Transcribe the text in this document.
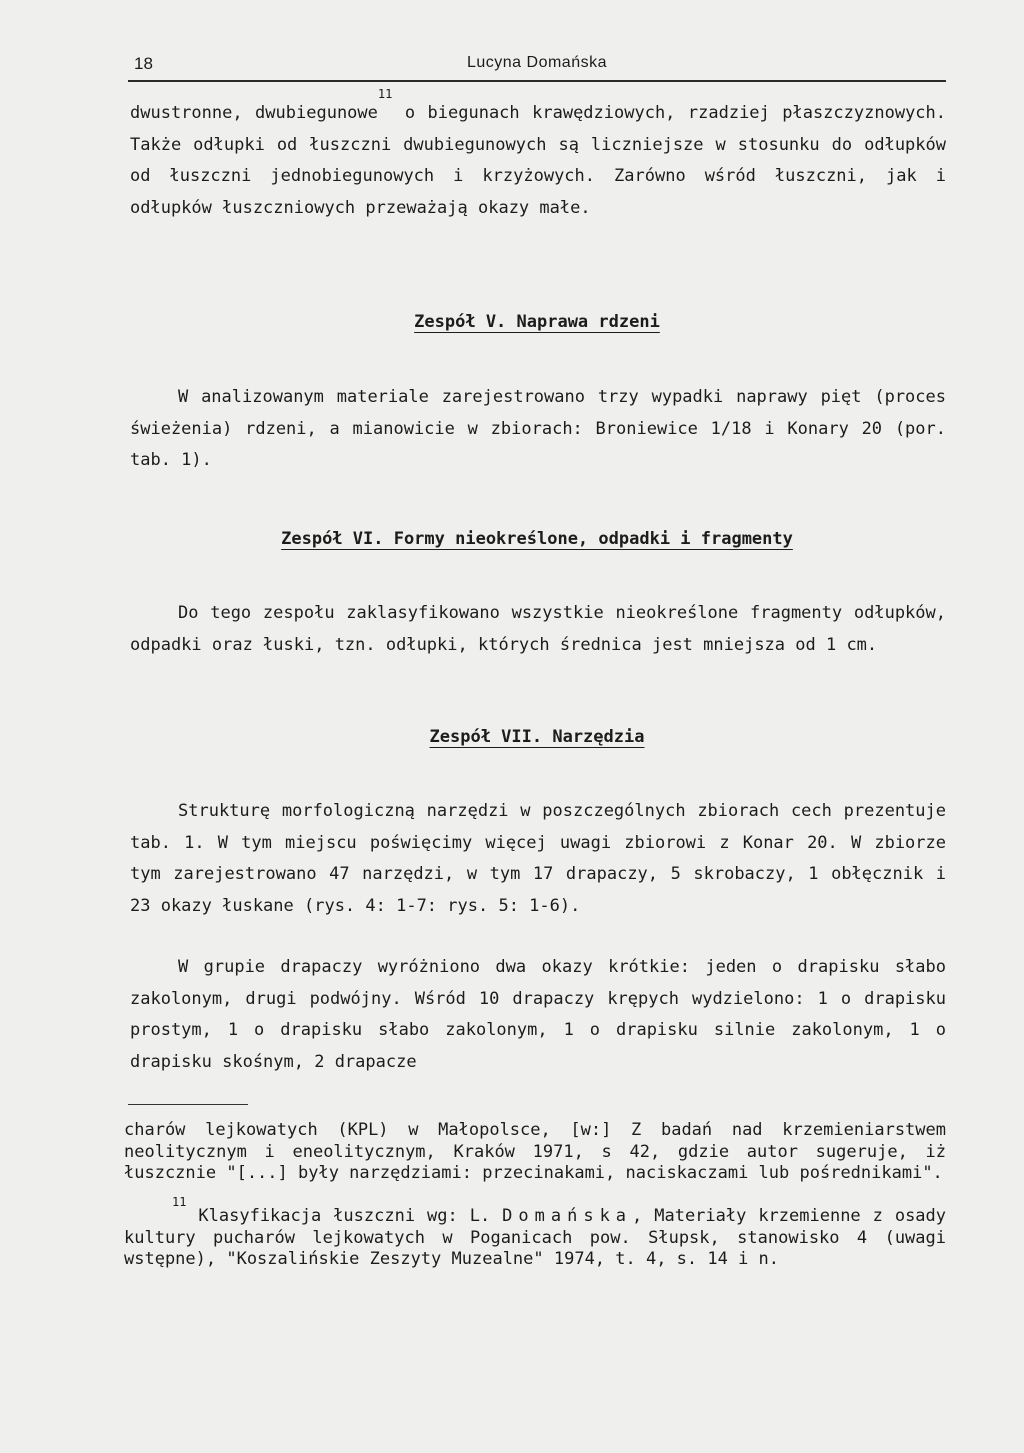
18	Lucyna Domańska

dwustronne, dwubiegunowe$^{11}$ o biegunach krawędziowych, rzadziej płaszczyznowych. Także odłupki od łuszczni dwubiegunowych są liczniejsze w stosunku do odłupków od łuszczni jednobiegunowych i krzyżowych. Zarówno wśród łuszczni, jak i odłupków łuszczniowych przeważają okazy małe.

Zespół V. Naprawa rdzeni

W analizowanym materiale zarejestrowano trzy wypadki naprawy pięt (proces świeżenia) rdzeni, a mianowicie w zbiorach: Broniewice 1/18 i Konary 20 (por. tab. 1).

Zespół VI. Formy nieokreślone, odpadki i fragmenty

Do tego zespołu zaklasyfikowano wszystkie nieokreślone fragmenty odłupków, odpadki oraz łuski, tzn. odłupki, których średnica jest mniejsza od 1 cm.

Zespół VII. Narzędzia

Strukturę morfologiczną narzędzi w poszczególnych zbiorach cech prezentuje tab. 1. W tym miejscu poświęcimy więcej uwagi zbiorowi z Konar 20. W zbiorze tym zarejestrowano 47 narzędzi, w tym 17 drapaczy, 5 skrobaczy, 1 obłęcznik i 23 okazy łuskane (rys. 4: 1-7: rys. 5: 1-6).

W grupie drapaczy wyróżniono dwa okazy krótkie: jeden o drapisku słabo zakolonym, drugi podwójny. Wśród 10 drapaczy krępych wydzielono: 1 o drapisku prostym, 1 o drapisku słabo zakolonym, 1 o drapisku silnie zakolonym, 1 o drapisku skośnym, 2 drapacze

charów lejkowatych (KPL) w Małopolsce, [w:] Z badań nad krzemieniarstwem neolitycznym i eneolitycznym, Kraków 1971, s 42, gdzie autor sugeruje, iż łuszcznie "[...] były narzędziami: przecinakami, naciskaczami lub pośrednikami".

$^{11}$ Klasyfikacja łuszczni wg: L. Domańska, Materiały krzemienne z osady kultury pucharów lejkowatych w Poganicach pow. Słupsk, stanowisko 4 (uwagi wstępne), "Koszalińskie Zeszyty Muzealne" 1974, t. 4, s. 14 i n.
